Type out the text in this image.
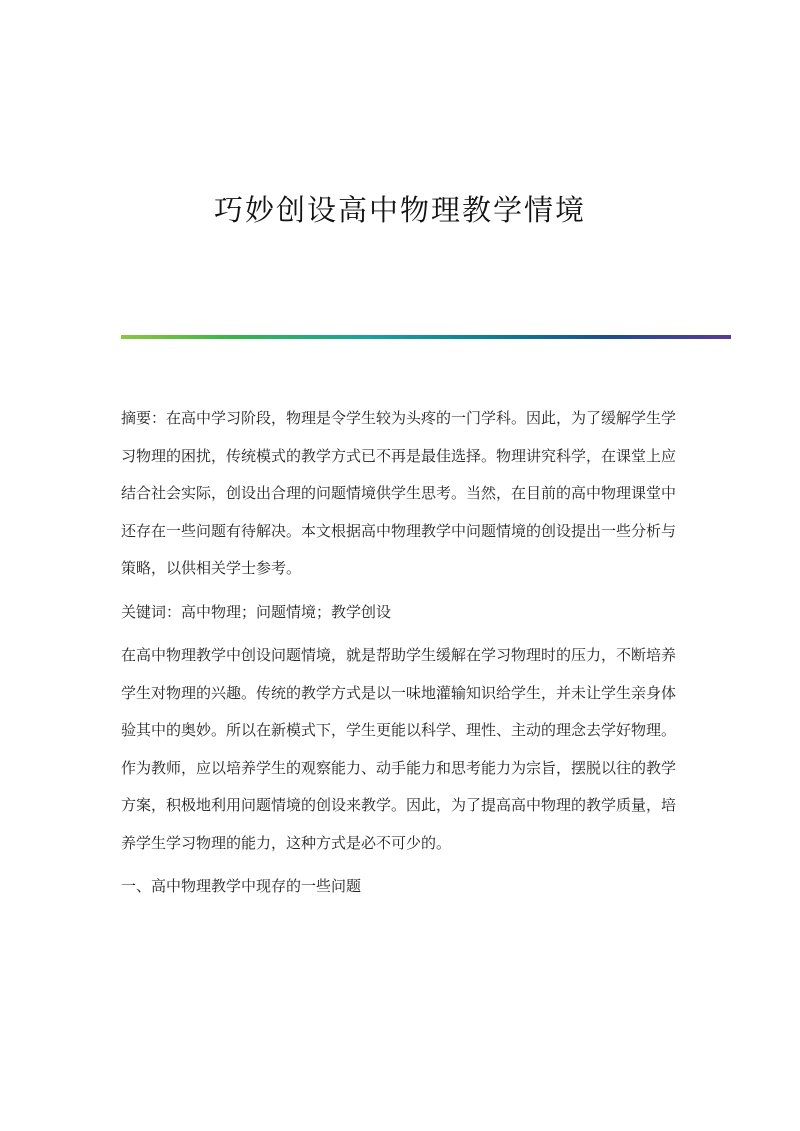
巧妙创设高中物理教学情境

摘要：在高中学习阶段，物理是令学生较为头疼的一门学科。因此，为了缓解学生学习物理的困扰，传统模式的教学方式已不再是最佳选择。物理讲究科学，在课堂上应结合社会实际，创设出合理的问题情境供学生思考。当然，在目前的高中物理课堂中还存在一些问题有待解决。本文根据高中物理教学中问题情境的创设提出一些分析与策略，以供相关学士参考。

关键词：高中物理；问题情境；教学创设

在高中物理教学中创设问题情境，就是帮助学生缓解在学习物理时的压力，不断培养学生对物理的兴趣。传统的教学方式是以一味地灌输知识给学生，并未让学生亲身体验其中的奥妙。所以在新模式下，学生更能以科学、理性、主动的理念去学好物理。作为教师，应以培养学生的观察能力、动手能力和思考能力为宗旨，摆脱以往的教学方案，积极地利用问题情境的创设来教学。因此，为了提高高中物理的教学质量，培养学生学习物理的能力，这种方式是必不可少的。

一、高中物理教学中现存的一些问题
